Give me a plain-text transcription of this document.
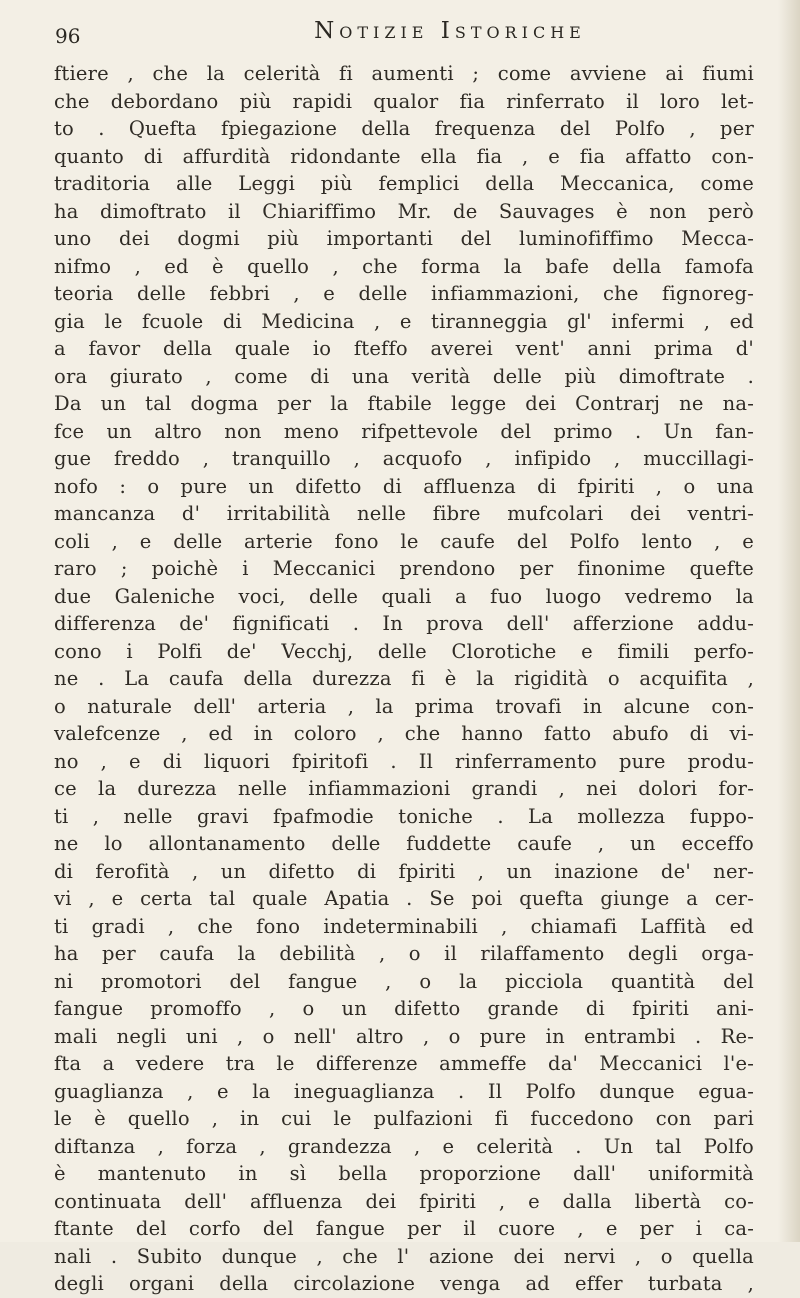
96	Notizie Istoriche
ftiere , che la celerità fi aumenti ; come avviene ai fiumi
che debordano più rapidi qualor fia rinferrato il loro let-
to . Quefta fpiegazione della frequenza del Polfo , per
quanto di affurdità ridondante ella fia , e fia affatto con-
traditoria alle Leggi più femplici della Meccanica, come
ha dimoftrato il Chiariffimo Mr. de Sauvages è non però
uno dei dogmi più importanti del luminofiffimo Mecca-
nifmo , ed è quello , che forma la bafe della famofa
teoria delle febbri , e delle infiammazioni, che fignoreg-
gia le fcuole di Medicina , e tiranneggia gl' infermi , ed
a favor della quale io fteffo averei vent' anni prima d'
ora giurato , come di una verità delle più dimoftrate .
Da un tal dogma per la ftabile legge dei Contrarj ne na-
fce un altro non meno rifpettevole del primo . Un fan-
gue freddo , tranquillo , acquofo , infipido , muccillagi-
nofo : o pure un difetto di affluenza di fpiriti , o una
mancanza d' irritabilità nelle fibre mufcolari dei ventri-
coli , e delle arterie fono le caufe del Polfo lento , e
raro ; poichè i Meccanici prendono per finonime quefte
due Galeniche voci, delle quali a fuo luogo vedremo la
differenza de' fignificati . In prova dell' afferzione addu-
cono i Polfi de' Vecchj, delle Clorotiche e fimili perfo-
ne . La caufa della durezza fi è la rigidità o acquifita ,
o naturale dell' arteria , la prima trovafi in alcune con-
valefcenze , ed in coloro , che hanno fatto abufo di vi-
no , e di liquori fpiritofi . Il rinferramento pure produ-
ce la durezza nelle infiammazioni grandi , nei dolori for-
ti , nelle gravi fpafmodie toniche . La mollezza fuppo-
ne lo allontanamento delle fuddette caufe , un ecceffo
di ferofità , un difetto di fpiriti , un inazione de' ner-
vi , e certa tal quale Apatia . Se poi quefta giunge a cer-
ti gradi , che fono indeterminabili , chiamafi Laffità ed
ha per caufa la debilità , o il rilaffamento degli orga-
ni promotori del fangue , o la picciola quantità del
fangue promoffo , o un difetto grande di fpiriti ani-
mali negli uni , o nell' altro , o pure in entrambi . Re-
fta a vedere tra le differenze ammeffe da' Meccanici l'e-
guaglianza , e la ineguaglianza . Il Polfo dunque egua-
le è quello , in cui le pulfazioni fi fuccedono con pari
diftanza , forza , grandezza , e celerità . Un tal Polfo
è mantenuto in sì bella proporzione dall' uniformità
continuata dell' affluenza dei fpiriti , e dalla libertà co-
ftante del corfo del fangue per il cuore , e per i ca-
nali . Subito dunque , che l' azione dei nervi , o quella
degli organi della circolazione venga ad effer turbata ,
